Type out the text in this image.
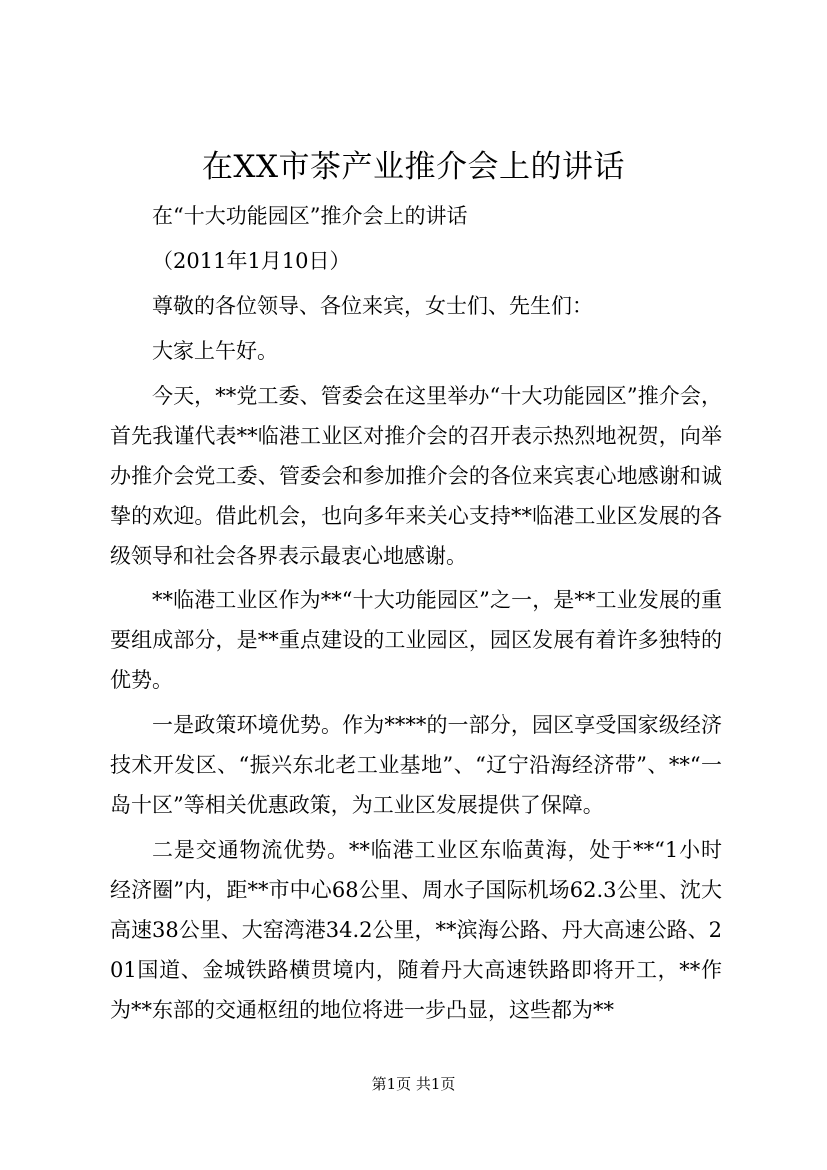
在XX市茶产业推介会上的讲话

在“十大功能园区”推介会上的讲话

（2011年1月10日）

尊敬的各位领导、各位来宾，女士们、先生们：

大家上午好。

今天，**党工委、管委会在这里举办“十大功能园区”推介会，首先我谨代表**临港工业区对推介会的召开表示热烈地祝贺，向举办推介会党工委、管委会和参加推介会的各位来宾衷心地感谢和诚挚的欢迎。借此机会，也向多年来关心支持**临港工业区发展的各级领导和社会各界表示最衷心地感谢。

**临港工业区作为**“十大功能园区”之一，是**工业发展的重要组成部分，是**重点建设的工业园区，园区发展有着许多独特的优势。

一是政策环境优势。作为****的一部分，园区享受国家级经济技术开发区、“振兴东北老工业基地”、“辽宁沿海经济带”、**“一岛十区”等相关优惠政策，为工业区发展提供了保障。

二是交通物流优势。**临港工业区东临黄海，处于**“1小时经济圈”内，距**市中心68公里、周水子国际机场62.3公里、沈大高速38公里、大窑湾港34.2公里，**滨海公路、丹大高速公路、201国道、金城铁路横贯境内，随着丹大高速铁路即将开工，**作为**东部的交通枢纽的地位将进一步凸显，这些都为**

第1页 共1页
